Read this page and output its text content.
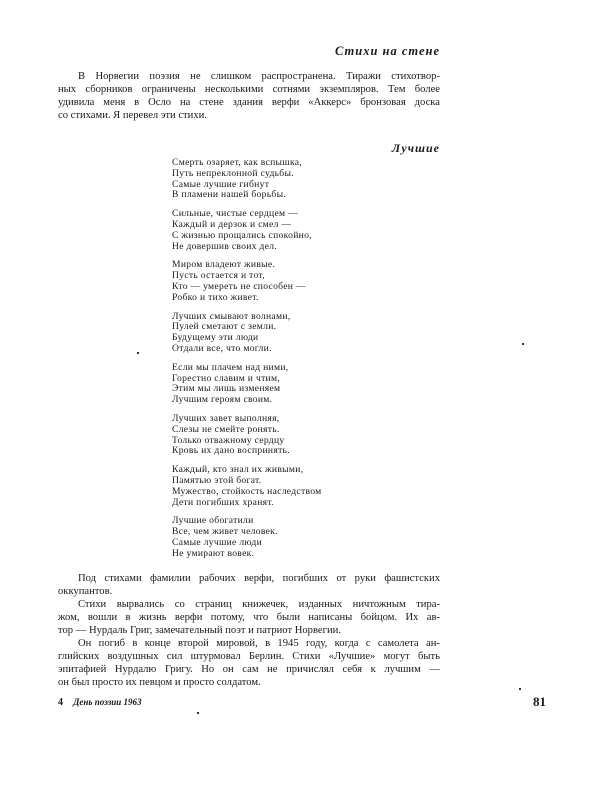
Стихи на стене
В Норвегии поэзия не слишком распространена. Тиражи стихотвор-
ных сборников ограничены несколькими сотнями экземпляров. Тем более
удивила меня в Осло на стене здания верфи «Аккерс» бронзовая доска
со стихами. Я перевел эти стихи.
Лучшие
Смерть озаряет, как вспышка,
Путь непреклонной судьбы.
Самые лучшие гибнут
В пламени нашей борьбы.
Сильные, чистые сердцем —
Каждый и дерзок и смел —
С жизнью прощались спокойно,
Не довершив своих дел.
Миром владеют живые.
Пусть остается и тот,
Кто — умереть не способен —
Робко и тихо живет.
Лучших смывают волнами,
Пулей сметают с земли.
Будущему эти люди
Отдали все, что могли.
Если мы плачем над ними,
Горестно славим и чтим,
Этим мы лишь изменяем
Лучшим героям своим.
Лучших завет выполняя,
Слезы не смейте ронять.
Только отважному сердцу
Кровь их дано воспринять.
Каждый, кто знал их живыми,
Памятью этой богат.
Мужество, стойкость наследством
Дети погибших хранят.
Лучшие обогатили
Все, чем живет человек.
Самые лучшие люди
Не умирают вовек.
Под стихами фамилии рабочих верфи, погибших от руки фашистских
оккупантов.
Стихи вырвались со страниц книжечек, изданных ничтожным тира-
жом, вошли в жизнь верфи потому, что были написаны бойцом. Их ав-
тор — Нурдаль Григ, замечательный поэт и патриот Норвегии.
Он погиб в конце второй мировой, в 1945 году, когда с самолета ан-
глийских воздушных сил штурмовал Берлин. Стихи «Лучшие» могут быть
эпитафией Нурдалю Григу. Но он сам не причислял себя к лучшим —
он был просто их певцом и просто солдатом.
4 День поэзии 1963	81
